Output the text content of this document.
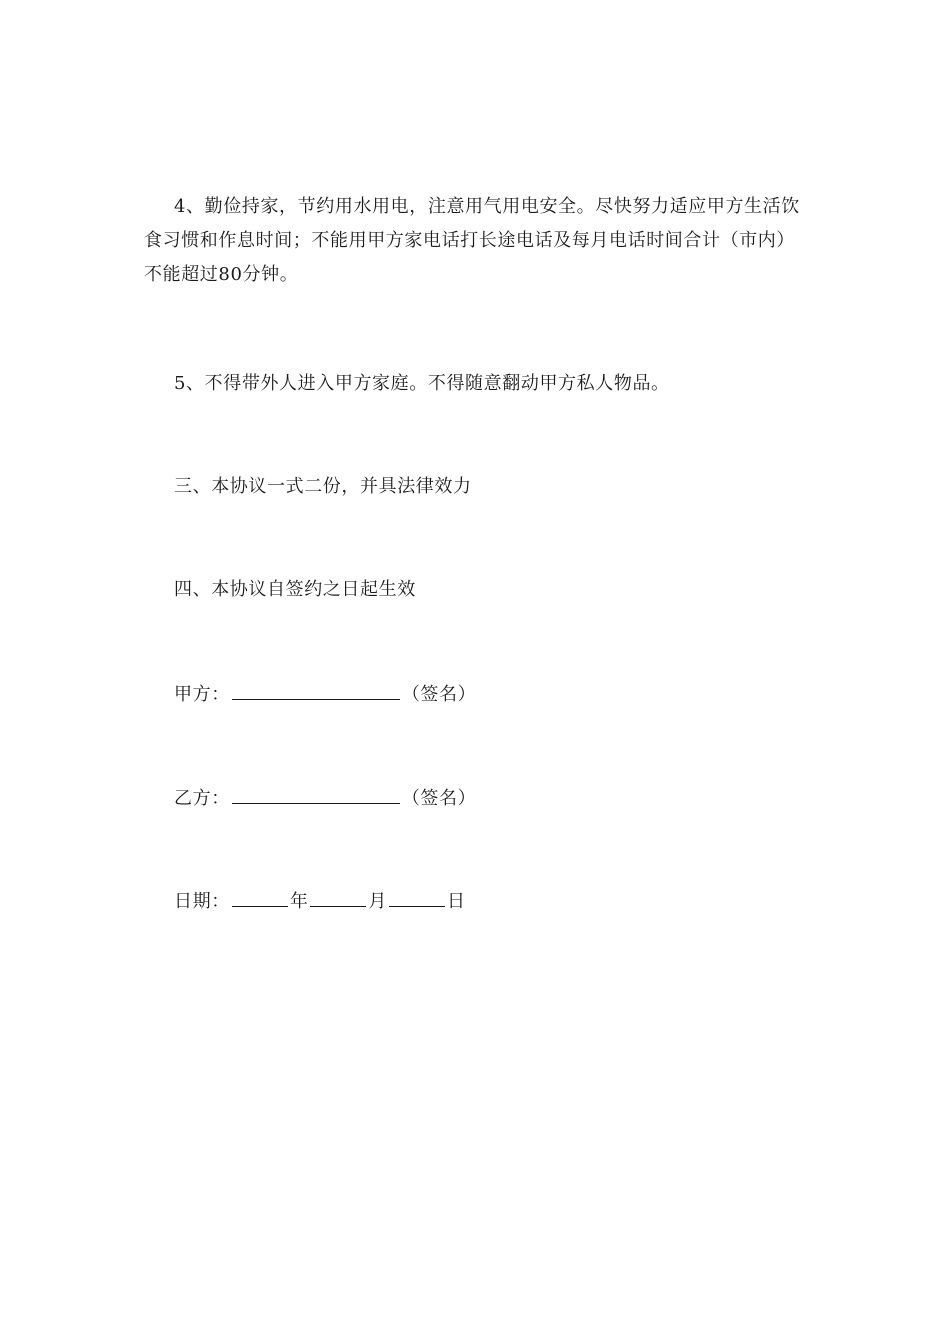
4、勤俭持家，节约用水用电，注意用气用电安全。尽快努力适应甲方生活饮食习惯和作息时间；不能用甲方家电话打长途电话及每月电话时间合计（市内）不能超过80分钟。

5、不得带外人进入甲方家庭。不得随意翻动甲方私人物品。
三、本协议一式二份，并具法律效力
四、本协议自签约之日起生效
甲方：	（签名）
乙方：	（签名）
日期：	年	月	日
